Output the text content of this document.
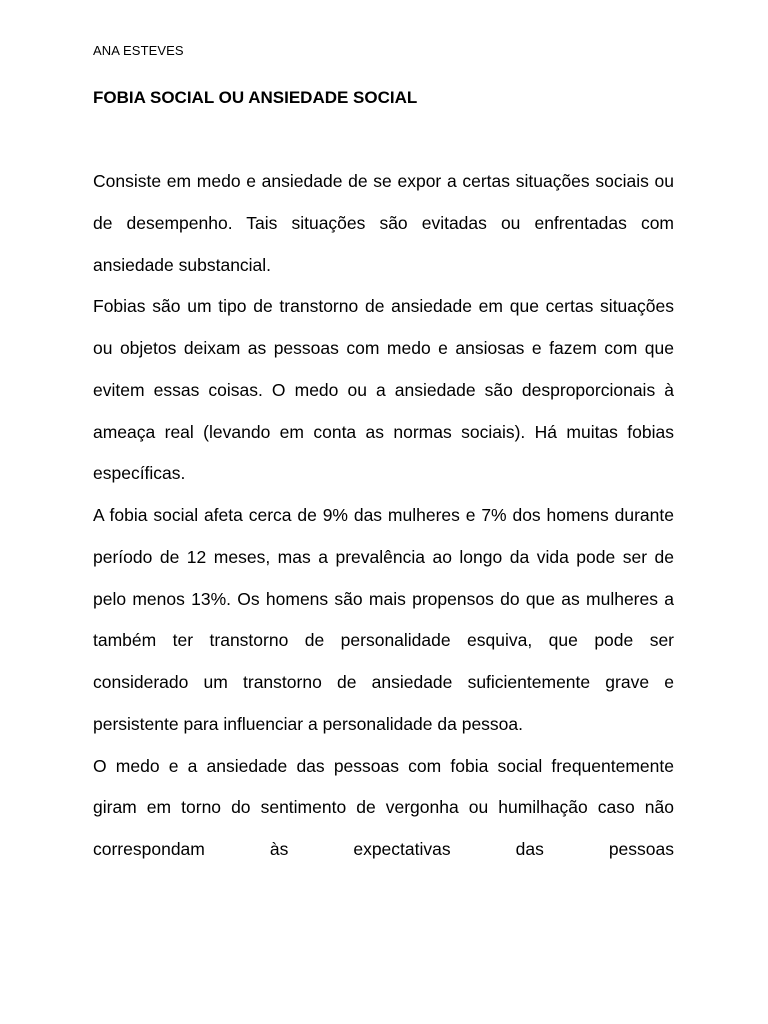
ANA ESTEVES
FOBIA SOCIAL OU ANSIEDADE SOCIAL

Consiste em medo e ansiedade de se expor a certas situações sociais ou de desempenho. Tais situações são evitadas ou enfrentadas com ansiedade substancial.

Fobias são um tipo de transtorno de ansiedade em que certas situações ou objetos deixam as pessoas com medo e ansiosas e fazem com que evitem essas coisas. O medo ou a ansiedade são desproporcionais à ameaça real (levando em conta as normas sociais). Há muitas fobias específicas.

A fobia social afeta cerca de 9% das mulheres e 7% dos homens durante período de 12 meses, mas a prevalência ao longo da vida pode ser de pelo menos 13%. Os homens são mais propensos do que as mulheres a também ter transtorno de personalidade esquiva, que pode ser considerado um transtorno de ansiedade suficientemente grave e persistente para influenciar a personalidade da pessoa.

O medo e a ansiedade das pessoas com fobia social frequentemente giram em torno do sentimento de vergonha ou humilhação caso não correspondam às expectativas das pessoas
